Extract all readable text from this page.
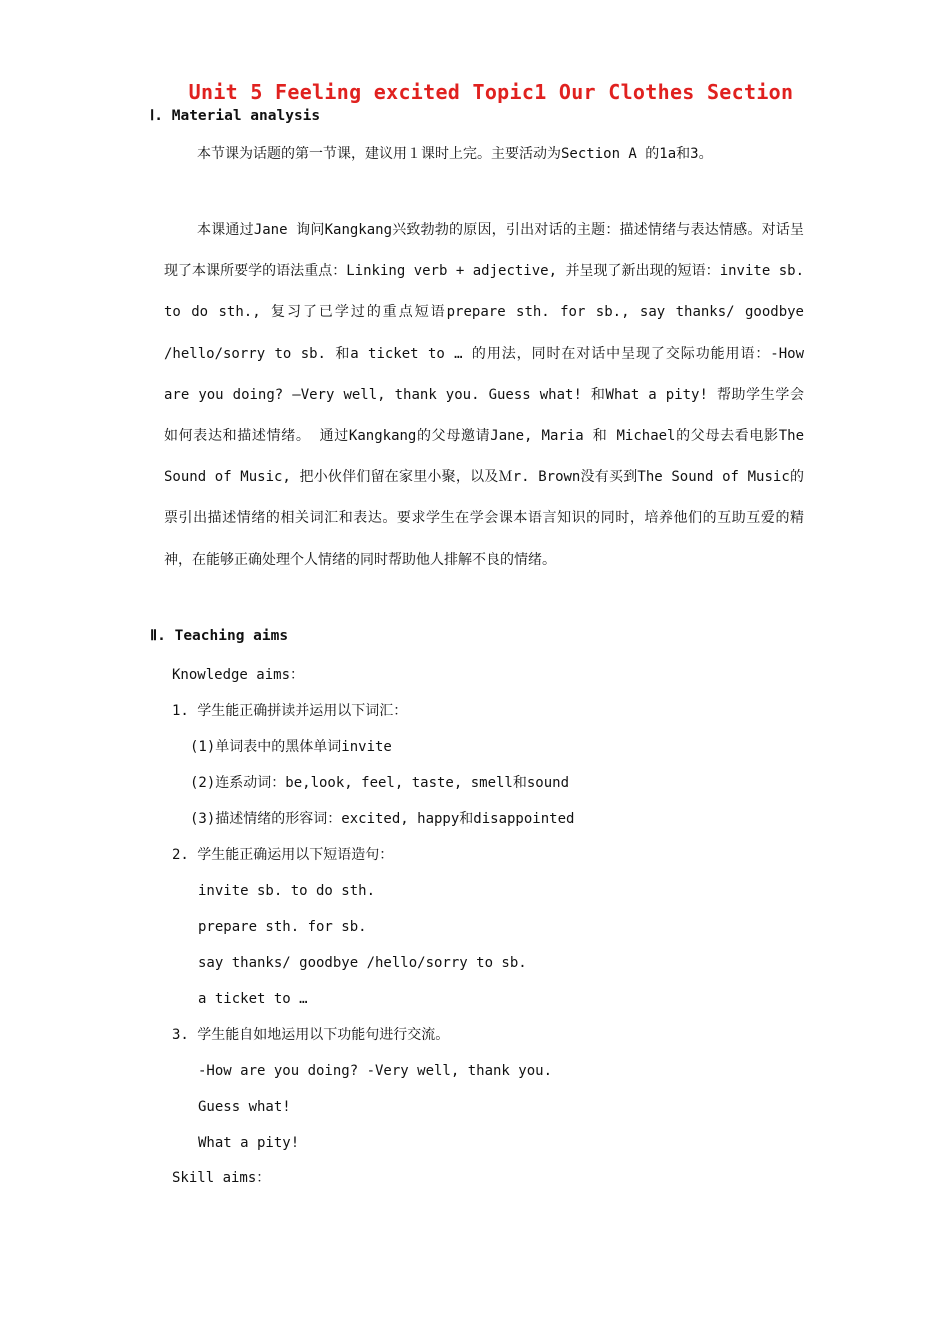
Unit 5 Feeling excited Topic1 Our Clothes Section
Ⅰ. Material analysis

本节课为话题的第一节课，建议用１课时上完。主要活动为Section A 的1a和3。

本课通过Jane 询问Kangkang兴致勃勃的原因，引出对话的主题：描述情绪与表达情感。对话呈现了本课所要学的语法重点：Linking verb + adjective, 并呈现了新出现的短语：invite sb. to do sth., 复习了已学过的重点短语prepare sth. for sb., say thanks/ goodbye /hello/sorry to sb. 和a ticket to … 的用法，同时在对话中呈现了交际功能用语：-How are you doing? –Very well, thank you. Guess what! 和What a pity! 帮助学生学会如何表达和描述情绪。 通过Kangkang的父母邀请Jane, Maria 和 Michael的父母去看电影The Sound of Music, 把小伙伴们留在家里小聚，以及Ｍr. Brown没有买到The Sound of Music的票引出描述情绪的相关词汇和表达。要求学生在学会课本语言知识的同时，培养他们的互助互爱的精神，在能够正确处理个人情绪的同时帮助他人排解不良的情绪。

Ⅱ. Teaching aims
Knowledge aims：
1. 学生能正确拼读并运用以下词汇：
(1)单词表中的黑体单词invite
(2)连系动词：be,look, feel, taste, smell和sound
(3)描述情绪的形容词：excited, happy和disappointed
2. 学生能正确运用以下短语造句：
invite sb. to do sth.
prepare sth. for sb.
say thanks/ goodbye /hello/sorry to sb.
a ticket to …
3. 学生能自如地运用以下功能句进行交流。
-How are you doing? -Very well, thank you.
Guess what!
What a pity!
Skill aims：
